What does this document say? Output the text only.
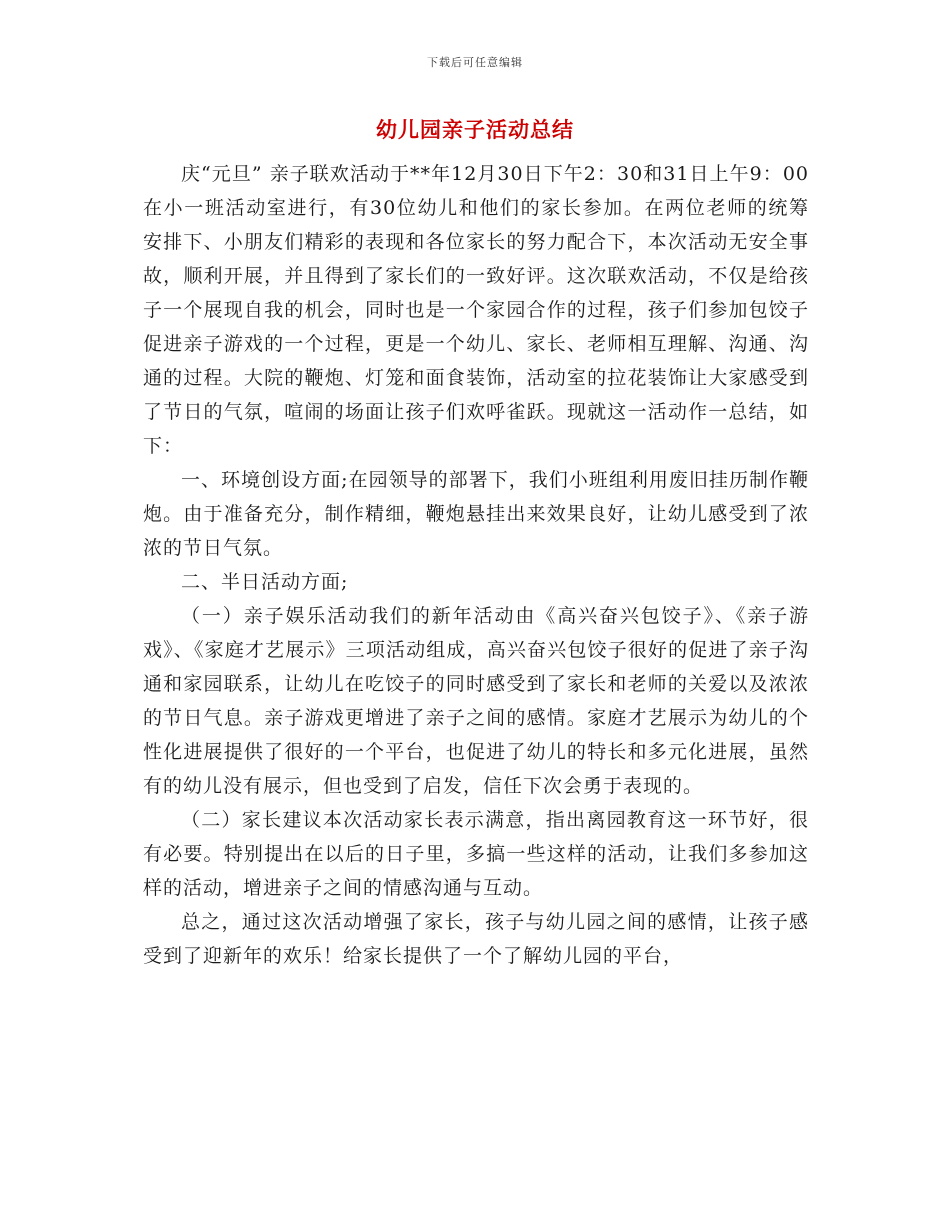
下载后可任意编辑
幼儿园亲子活动总结

庆“元旦” 亲子联欢活动于**年12月30日下午2：30和31日上午9：00在小一班活动室进行，有30位幼儿和他们的家长参加。在两位老师的统筹安排下、小朋友们精彩的表现和各位家长的努力配合下，本次活动无安全事故，顺利开展，并且得到了家长们的一致好评。这次联欢活动，不仅是给孩子一个展现自我的机会，同时也是一个家园合作的过程，孩子们参加包饺子促进亲子游戏的一个过程，更是一个幼儿、家长、老师相互理解、沟通、沟通的过程。大院的鞭炮、灯笼和面食装饰，活动室的拉花装饰让大家感受到了节日的气氛，喧闹的场面让孩子们欢呼雀跃。现就这一活动作一总结，如下：

一、环境创设方面;在园领导的部署下，我们小班组利用废旧挂历制作鞭炮。由于准备充分，制作精细，鞭炮悬挂出来效果良好，让幼儿感受到了浓浓的节日气氛。

二、半日活动方面;

（一）亲子娱乐活动我们的新年活动由《高兴奋兴包饺子》、《亲子游戏》、《家庭才艺展示》三项活动组成，高兴奋兴包饺子很好的促进了亲子沟通和家园联系，让幼儿在吃饺子的同时感受到了家长和老师的关爱以及浓浓的节日气息。亲子游戏更增进了亲子之间的感情。家庭才艺展示为幼儿的个性化进展提供了很好的一个平台，也促进了幼儿的特长和多元化进展，虽然有的幼儿没有展示，但也受到了启发，信任下次会勇于表现的。

（二）家长建议本次活动家长表示满意，指出离园教育这一环节好，很有必要。特别提出在以后的日子里，多搞一些这样的活动，让我们多参加这样的活动，增进亲子之间的情感沟通与互动。

总之，通过这次活动增强了家长，孩子与幼儿园之间的感情，让孩子感受到了迎新年的欢乐！给家长提供了一个了解幼儿园的平台，
